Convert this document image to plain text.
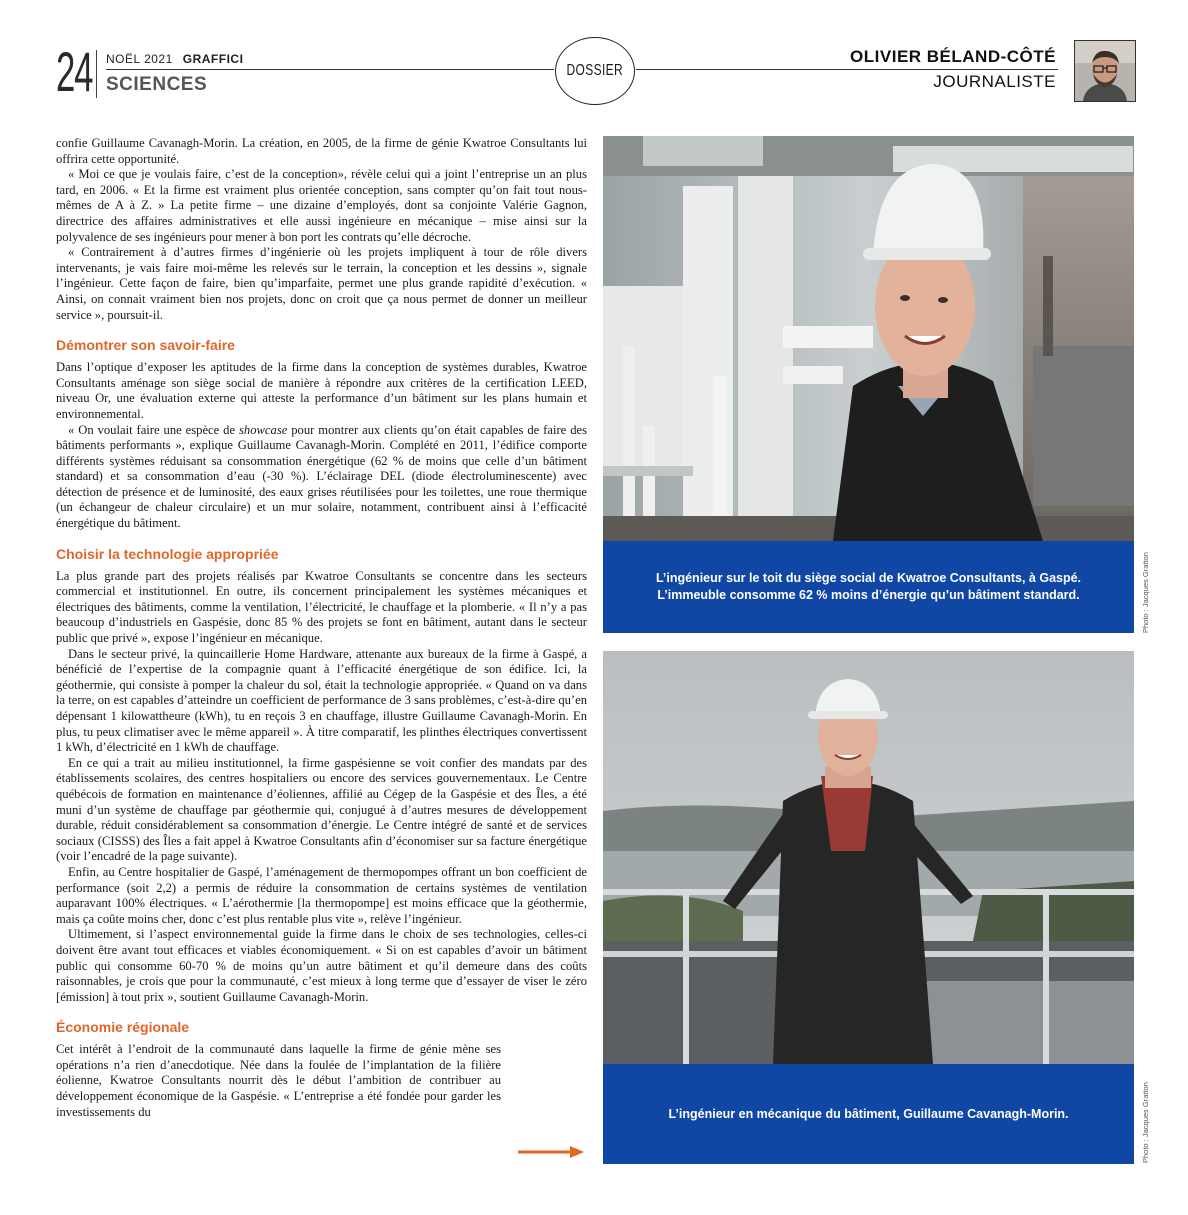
24 NOËL 2021 GRAFFICI
SCIENCES
DOSSIER
OLIVIER BÉLAND-CÔTÉ
JOURNALISTE

confie Guillaume Cavanagh-Morin. La création, en 2005, de la firme de génie Kwatroe Consultants lui offrira cette opportunité.

« Moi ce que je voulais faire, c’est de la conception», révèle celui qui a joint l’entreprise un an plus tard, en 2006. « Et la firme est vraiment plus orientée conception, sans compter qu’on fait tout nous-mêmes de A à Z. » La petite firme – une dizaine d’employés, dont sa conjointe Valérie Gagnon, directrice des affaires administratives et elle aussi ingénieure en mécanique – mise ainsi sur la polyvalence de ses ingénieurs pour mener à bon port les contrats qu’elle décroche.

« Contrairement à d’autres firmes d’ingénierie où les projets impliquent à tour de rôle divers intervenants, je vais faire moi-même les relevés sur le terrain, la conception et les dessins », signale l’ingénieur. Cette façon de faire, bien qu’imparfaite, permet une plus grande rapidité d’exécution. « Ainsi, on connait vraiment bien nos projets, donc on croit que ça nous permet de donner un meilleur service », poursuit-il.

Démontrer son savoir-faire

Dans l’optique d’exposer les aptitudes de la firme dans la conception de systèmes durables, Kwatroe Consultants aménage son siège social de manière à répondre aux critères de la certification LEED, niveau Or, une évaluation externe qui atteste la performance d’un bâtiment sur les plans humain et environnemental.

« On voulait faire une espèce de showcase pour montrer aux clients qu’on était capables de faire des bâtiments performants », explique Guillaume Cavanagh-Morin. Complété en 2011, l’édifice comporte différents systèmes réduisant sa consommation énergétique (62 % de moins que celle d’un bâtiment standard) et sa consommation d’eau (-30 %). L’éclairage DEL (diode électroluminescente) avec détection de présence et de luminosité, des eaux grises réutilisées pour les toilettes, une roue thermique (un échangeur de chaleur circulaire) et un mur solaire, notamment, contribuent ainsi à l’efficacité énergétique du bâtiment.

Choisir la technologie appropriée

La plus grande part des projets réalisés par Kwatroe Consultants se concentre dans les secteurs commercial et institutionnel. En outre, ils concernent principalement les systèmes mécaniques et électriques des bâtiments, comme la ventilation, l’électricité, le chauffage et la plomberie. « Il n’y a pas beaucoup d’industriels en Gaspésie, donc 85 % des projets se font en bâtiment, autant dans le secteur public que privé », expose l’ingénieur en mécanique.

Dans le secteur privé, la quincaillerie Home Hardware, attenante aux bureaux de la firme à Gaspé, a bénéficié de l’expertise de la compagnie quant à l’efficacité énergétique de son édifice. Ici, la géothermie, qui consiste à pomper la chaleur du sol, était la technologie appropriée. « Quand on va dans la terre, on est capables d’atteindre un coefficient de performance de 3 sans problèmes, c’est-à-dire qu’en dépensant 1 kilowattheure (kWh), tu en reçois 3 en chauffage, illustre Guillaume Cavanagh-Morin. En plus, tu peux climatiser avec le même appareil ». À titre comparatif, les plinthes électriques convertissent 1 kWh, d’électricité en 1 kWh de chauffage.

En ce qui a trait au milieu institutionnel, la firme gaspésienne se voit confier des mandats par des établissements scolaires, des centres hospitaliers ou encore des services gouvernementaux. Le Centre québécois de formation en maintenance d’éoliennes, affilié au Cégep de la Gaspésie et des Îles, a été muni d’un système de chauffage par géothermie qui, conjugué à d’autres mesures de développement durable, réduit considérablement sa consommation d’énergie. Le Centre intégré de santé et de services sociaux (CISSS) des Îles a fait appel à Kwatroe Consultants afin d’économiser sur sa facture énergétique (voir l’encadré de la page suivante).

Enfin, au Centre hospitalier de Gaspé, l’aménagement de thermopompes offrant un bon coefficient de performance (soit 2,2) a permis de réduire la consommation de certains systèmes de ventilation auparavant 100% électriques. « L’aérothermie [la thermopompe] est moins efficace que la géothermie, mais ça coûte moins cher, donc c’est plus rentable plus vite », relève l’ingénieur.

Ultimement, si l’aspect environnemental guide la firme dans le choix de ses technologies, celles-ci doivent être avant tout efficaces et viables économiquement. « Si on est capables d’avoir un bâtiment public qui consomme 60-70 % de moins qu’un autre bâtiment et qu’il demeure dans des coûts raisonnables, je crois que pour la communauté, c’est mieux à long terme que d’essayer de viser le zéro [émission] à tout prix », soutient Guillaume Cavanagh-Morin.

Économie régionale

Cet intérêt à l’endroit de la communauté dans laquelle la firme de génie mène ses opérations n’a rien d’anecdotique. Née dans la foulée de l’implantation de la filière éolienne, Kwatroe Consultants nourrit dès le début l’ambition de contribuer au développement économique de la Gaspésie. « L’entreprise a été fondée pour garder les investissements du

L’ingénieur sur le toit du siège social de Kwatroe Consultants, à Gaspé.
L’immeuble consomme 62 % moins d’énergie qu’un bâtiment standard.	Photo : Jacques Gratton
L’ingénieur en mécanique du bâtiment, Guillaume Cavanagh-Morin.	Photo : Jacques Gratton
